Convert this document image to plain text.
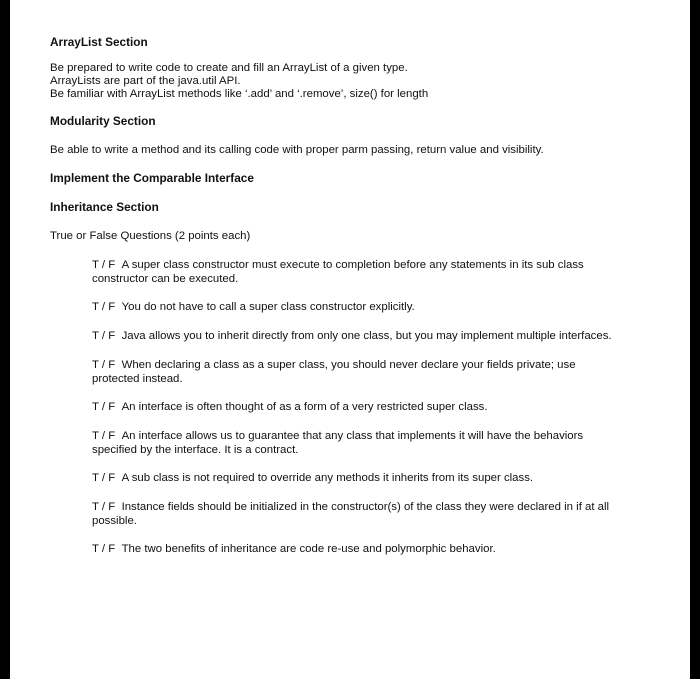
ArrayList Section

Be prepared to write code to create and fill an ArrayList of a given type.

ArrayLists are part of the java.util API.

Be familiar with ArrayList methods like ‘.add’ and ‘.remove’, size() for length

Modularity Section

Be able to write a method and its calling code with proper parm passing, return value and visibility.

Implement the Comparable Interface

Inheritance Section

True or False Questions (2 points each)

T / F A super class constructor must execute to completion before any statements in its sub class
constructor can be executed.
T / F You do not have to call a super class constructor explicitly.
T / F Java allows you to inherit directly from only one class, but you may implement multiple interfaces.
T / F When declaring a class as a super class, you should never declare your fields private; use
protected instead.
T / F An interface is often thought of as a form of a very restricted super class.
T / F An interface allows us to guarantee that any class that implements it will have the behaviors
specified by the interface. It is a contract.
T / F A sub class is not required to override any methods it inherits from its super class.
T / F Instance fields should be initialized in the constructor(s) of the class they were declared in if at all
possible.
T / F The two benefits of inheritance are code re-use and polymorphic behavior.
